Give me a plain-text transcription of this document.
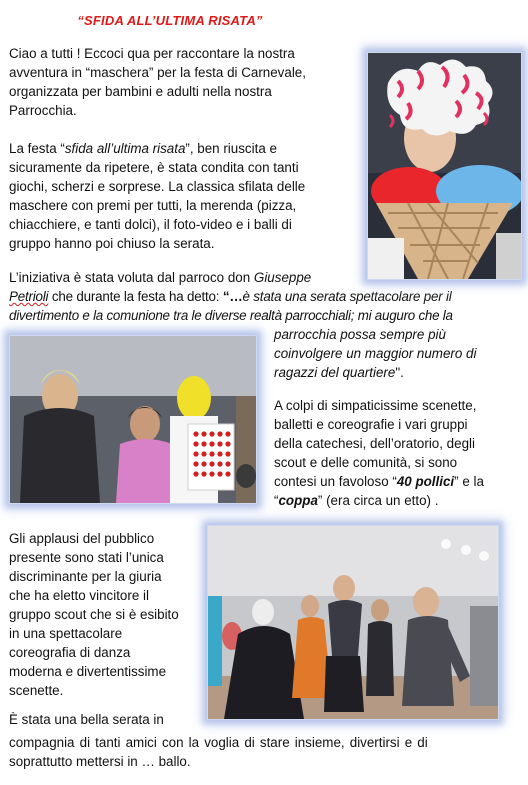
“SFIDA ALL’ULTIMA RISATA”

Ciao a tutti ! Eccoci qua per raccontare la nostra

avventura in “maschera” per la festa di Carnevale,

organizzata per bambini e adulti nella nostra

Parrocchia.

La festa “sfida all’ultima risata”, ben riuscita e

sicuramente da ripetere, è stata condita con tanti

giochi, scherzi e sorprese. La classica sfilata delle

maschere con premi per tutti, la merenda (pizza,

chiacchiere, e tanti dolci), il foto-video e i balli di

gruppo hanno poi chiuso la serata.

L’iniziativa è stata voluta dal parroco don Giuseppe

Petrioli che durante la festa ha detto: “…è stata una serata spettacolare per il

divertimento e la comunione tra le diverse realtà parrocchiali; mi auguro che la

parrocchia possa sempre più

coinvolgere un maggior numero di

ragazzi del quartiere".

A colpi di simpaticissime scenette,

balletti e coreografie i vari gruppi

della catechesi, dell’oratorio, degli

scout e delle comunità, si sono

contesi un favoloso “40 pollici” e la

“coppa” (era circa un etto) .

Gli applausi del pubblico

presente sono stati l’unica

discriminante per la giuria

che ha eletto vincitore il

gruppo scout che si è esibito

in una spettacolare

coreografia di danza

moderna e divertentissime

scenette.

È stata una bella serata in

compagnia di tanti amici con la voglia di stare insieme, divertirsi e di

soprattutto mettersi in … ballo.
